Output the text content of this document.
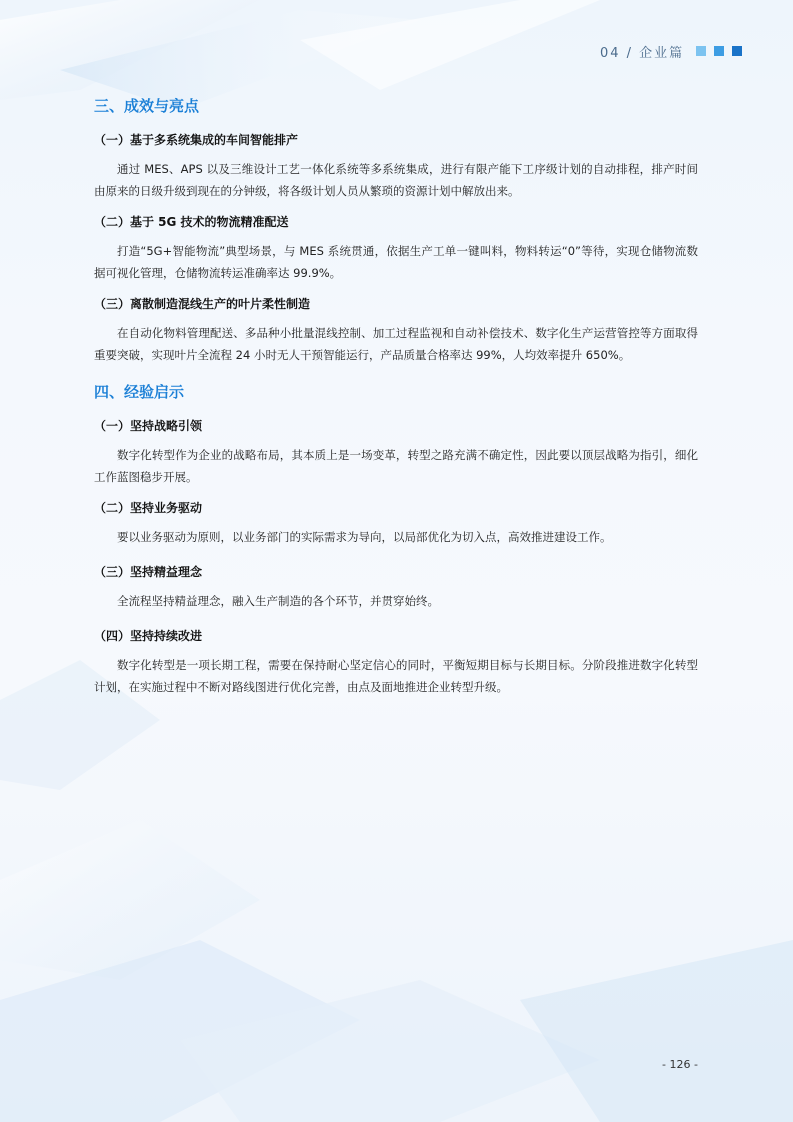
04 / 企业篇
三、成效与亮点
（一）基于多系统集成的车间智能排产

通过 MES、APS 以及三维设计工艺一体化系统等多系统集成，进行有限产能下工序级计划的自动排程，排产时间由原来的日级升级到现在的分钟级，将各级计划人员从繁琐的资源计划中解放出来。

（二）基于 5G 技术的物流精准配送

打造“5G+智能物流”典型场景，与 MES 系统贯通，依据生产工单一键叫料，物料转运“0”等待，实现仓储物流数据可视化管理，仓储物流转运准确率达 99.9%。

（三）离散制造混线生产的叶片柔性制造

在自动化物料管理配送、多品种小批量混线控制、加工过程监视和自动补偿技术、数字化生产运营管控等方面取得重要突破，实现叶片全流程 24 小时无人干预智能运行，产品质量合格率达 99%，人均效率提升 650%。

四、经验启示
（一）坚持战略引领

数字化转型作为企业的战略布局，其本质上是一场变革，转型之路充满不确定性，因此要以顶层战略为指引，细化工作蓝图稳步开展。

（二）坚持业务驱动

要以业务驱动为原则，以业务部门的实际需求为导向，以局部优化为切入点，高效推进建设工作。

（三）坚持精益理念

全流程坚持精益理念，融入生产制造的各个环节，并贯穿始终。

（四）坚持持续改进

数字化转型是一项长期工程，需要在保持耐心坚定信心的同时，平衡短期目标与长期目标。分阶段推进数字化转型计划，在实施过程中不断对路线图进行优化完善，由点及面地推进企业转型升级。

- 126 -
